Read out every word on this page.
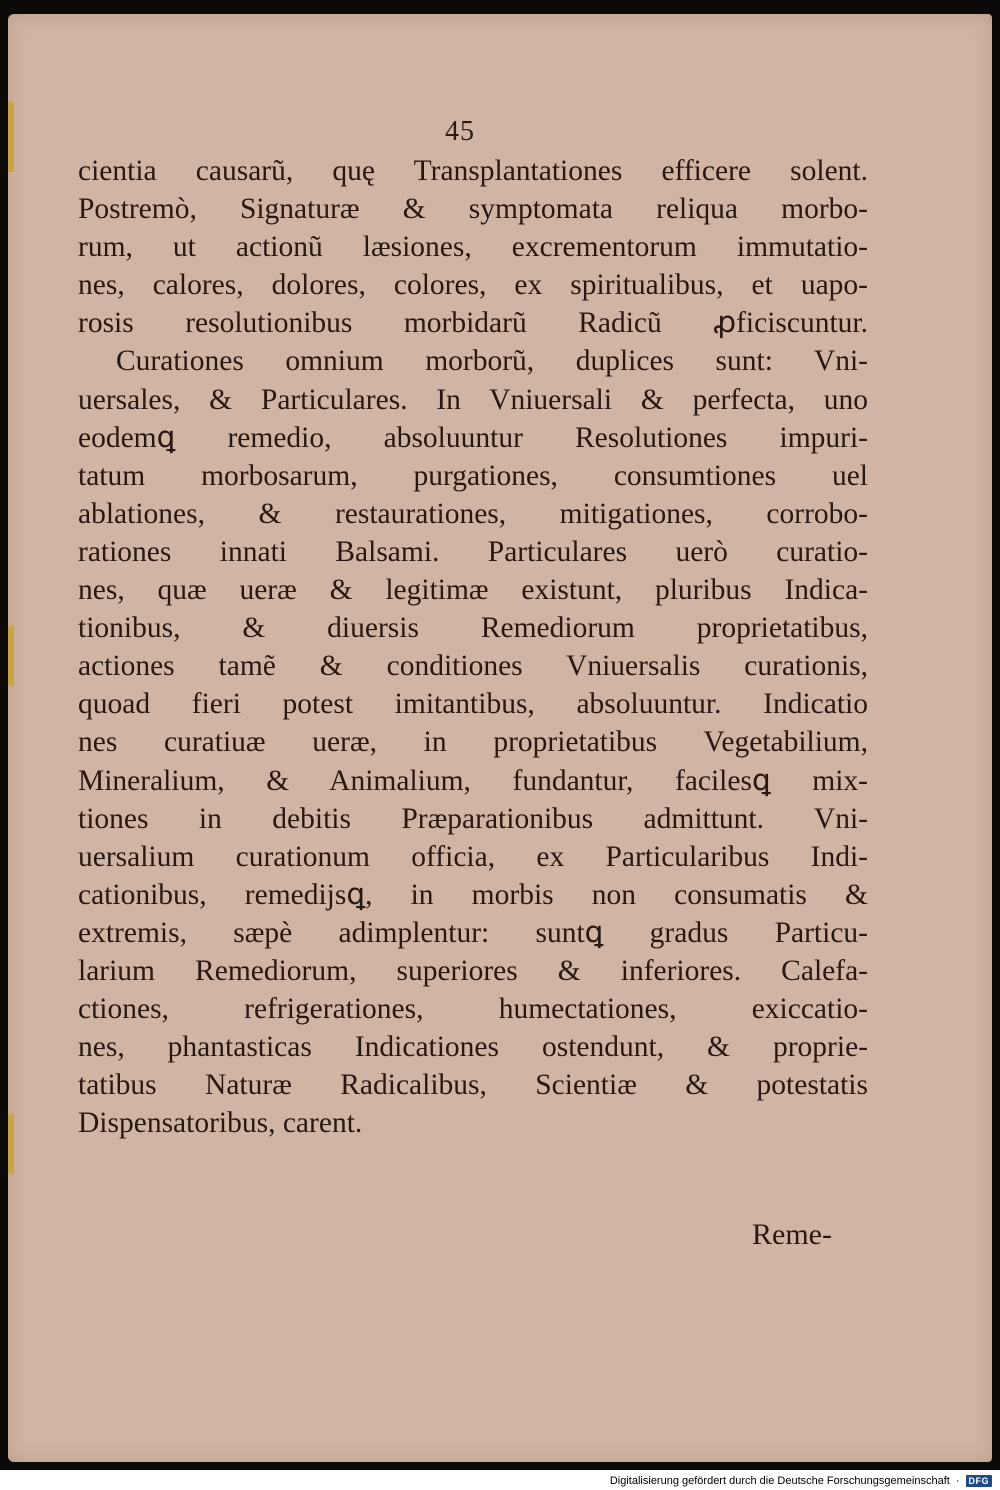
45
cientia causarũ, quę Transplantationes efficere solent.
Postremò, Signaturæ & symptomata reliqua morbo-
rum, ut actionũ læsiones, excrementorum immutatio-
nes, calores, dolores, colores, ex spiritualibus, et uapo-
rosis resolutionibus morbidarũ Radicũ ꝓficiscuntur.
Curationes omnium morborũ, duplices sunt: Vni-
uersales, & Particulares. In Vniuersali & perfecta, uno
eodemꝗ remedio, absoluuntur Resolutiones impuri-
tatum morbosarum, purgationes, consumtiones uel
ablationes, & restaurationes, mitigationes, corrobo-
rationes innati Balsami. Particulares uerò curatio-
nes, quæ ueræ & legitimæ existunt, pluribus Indica-
tionibus, & diuersis Remediorum proprietatibus,
actiones tamẽ & conditiones Vniuersalis curationis,
quoad fieri potest imitantibus, absoluuntur. Indicatio
nes curatiuæ ueræ, in proprietatibus Vegetabilium,
Mineralium, & Animalium, fundantur, facilesꝗ mix-
tiones in debitis Præparationibus admittunt. Vni-
uersalium curationum officia, ex Particularibus Indi-
cationibus, remedijsꝗ, in morbis non consumatis &
extremis, sæpè adimplentur: suntꝗ gradus Particu-
larium Remediorum, superiores & inferiores. Calefa-
ctiones, refrigerationes, humectationes, exiccatio-
nes, phantasticas Indicationes ostendunt, & proprie-
tatibus Naturæ Radicalibus, Scientiæ & potestatis
Dispensatoribus, carent.
Reme-
Digitalisierung gefördert durch die Deutsche Forschungsgemeinschaft ·	DFG
